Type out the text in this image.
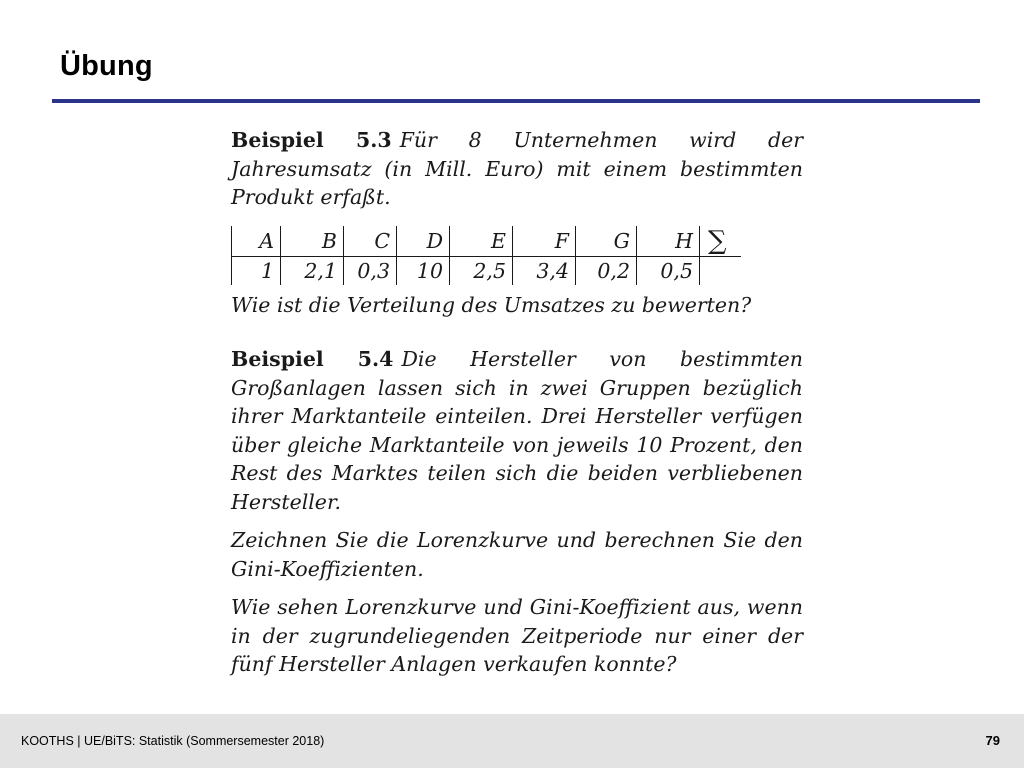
Übung

Beispiel 5.3 Für 8 Unternehmen wird der Jahresumsatz (in Mill. Euro) mit einem bestimmten Produkt erfaßt.

A	B	C	D	E	F	G	H	∑
1	2,1	0,3	10	2,5	3,4	0,2	0,5	

Wie ist die Verteilung des Umsatzes zu bewerten?

Beispiel 5.4 Die Hersteller von bestimmten Großanlagen lassen sich in zwei Gruppen bezüglich ihrer Marktanteile einteilen. Drei Hersteller verfügen über gleiche Marktanteile von jeweils 10 Prozent, den Rest des Marktes teilen sich die beiden verbliebenen Hersteller.

Zeichnen Sie die Lorenzkurve und berechnen Sie den Gini-Koeffizienten.

Wie sehen Lorenzkurve und Gini-Koeffizient aus, wenn in der zugrundeliegenden Zeitperiode nur einer der fünf Hersteller Anlagen verkaufen konnte?

KOOTHS | UE/BiTS: Statistik (Sommersemester 2018)	79
